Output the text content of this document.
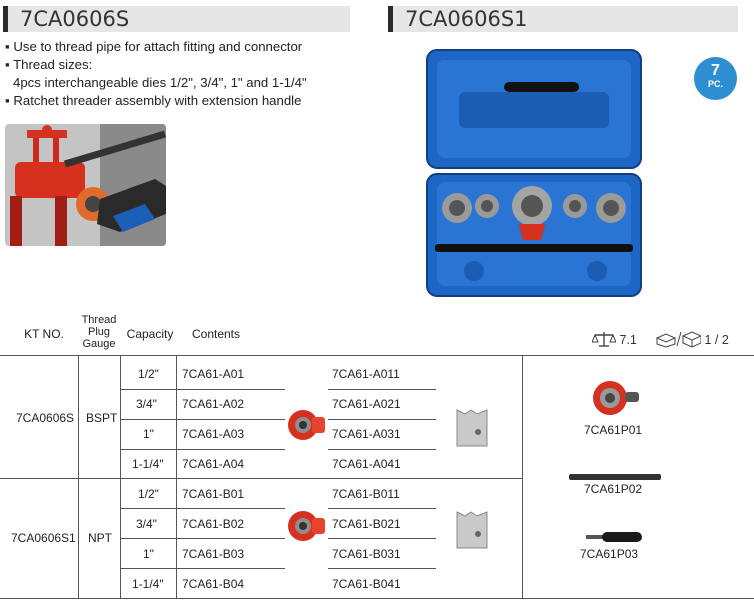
7CA0606S	7CA0606S1
▪ Use to thread pipe for attach fitting and connector
▪ Thread sizes:
4pcs interchangeable dies 1/2", 3/4", 1" and 1-1/4"
▪ Ratchet threader assembly with extension handle
7
PC.
KT NO.
Thread
Plug
Gauge
Capacity	Contents	7.1	1 / 2
7CA0606S BSPT
1/2" 7CA61-A01	7CA61-A011
3/4" 7CA61-A02	7CA61-A021
1" 7CA61-A03	7CA61-A031
1-1/4" 7CA61-A04	7CA61-A041
7CA0606S1 NPT
1/2" 7CA61-B01	7CA61-B011
3/4" 7CA61-B02	7CA61-B021
1" 7CA61-B03	7CA61-B031
1-1/4" 7CA61-B04	7CA61-B041
7CA61P01
7CA61P02
7CA61P03
